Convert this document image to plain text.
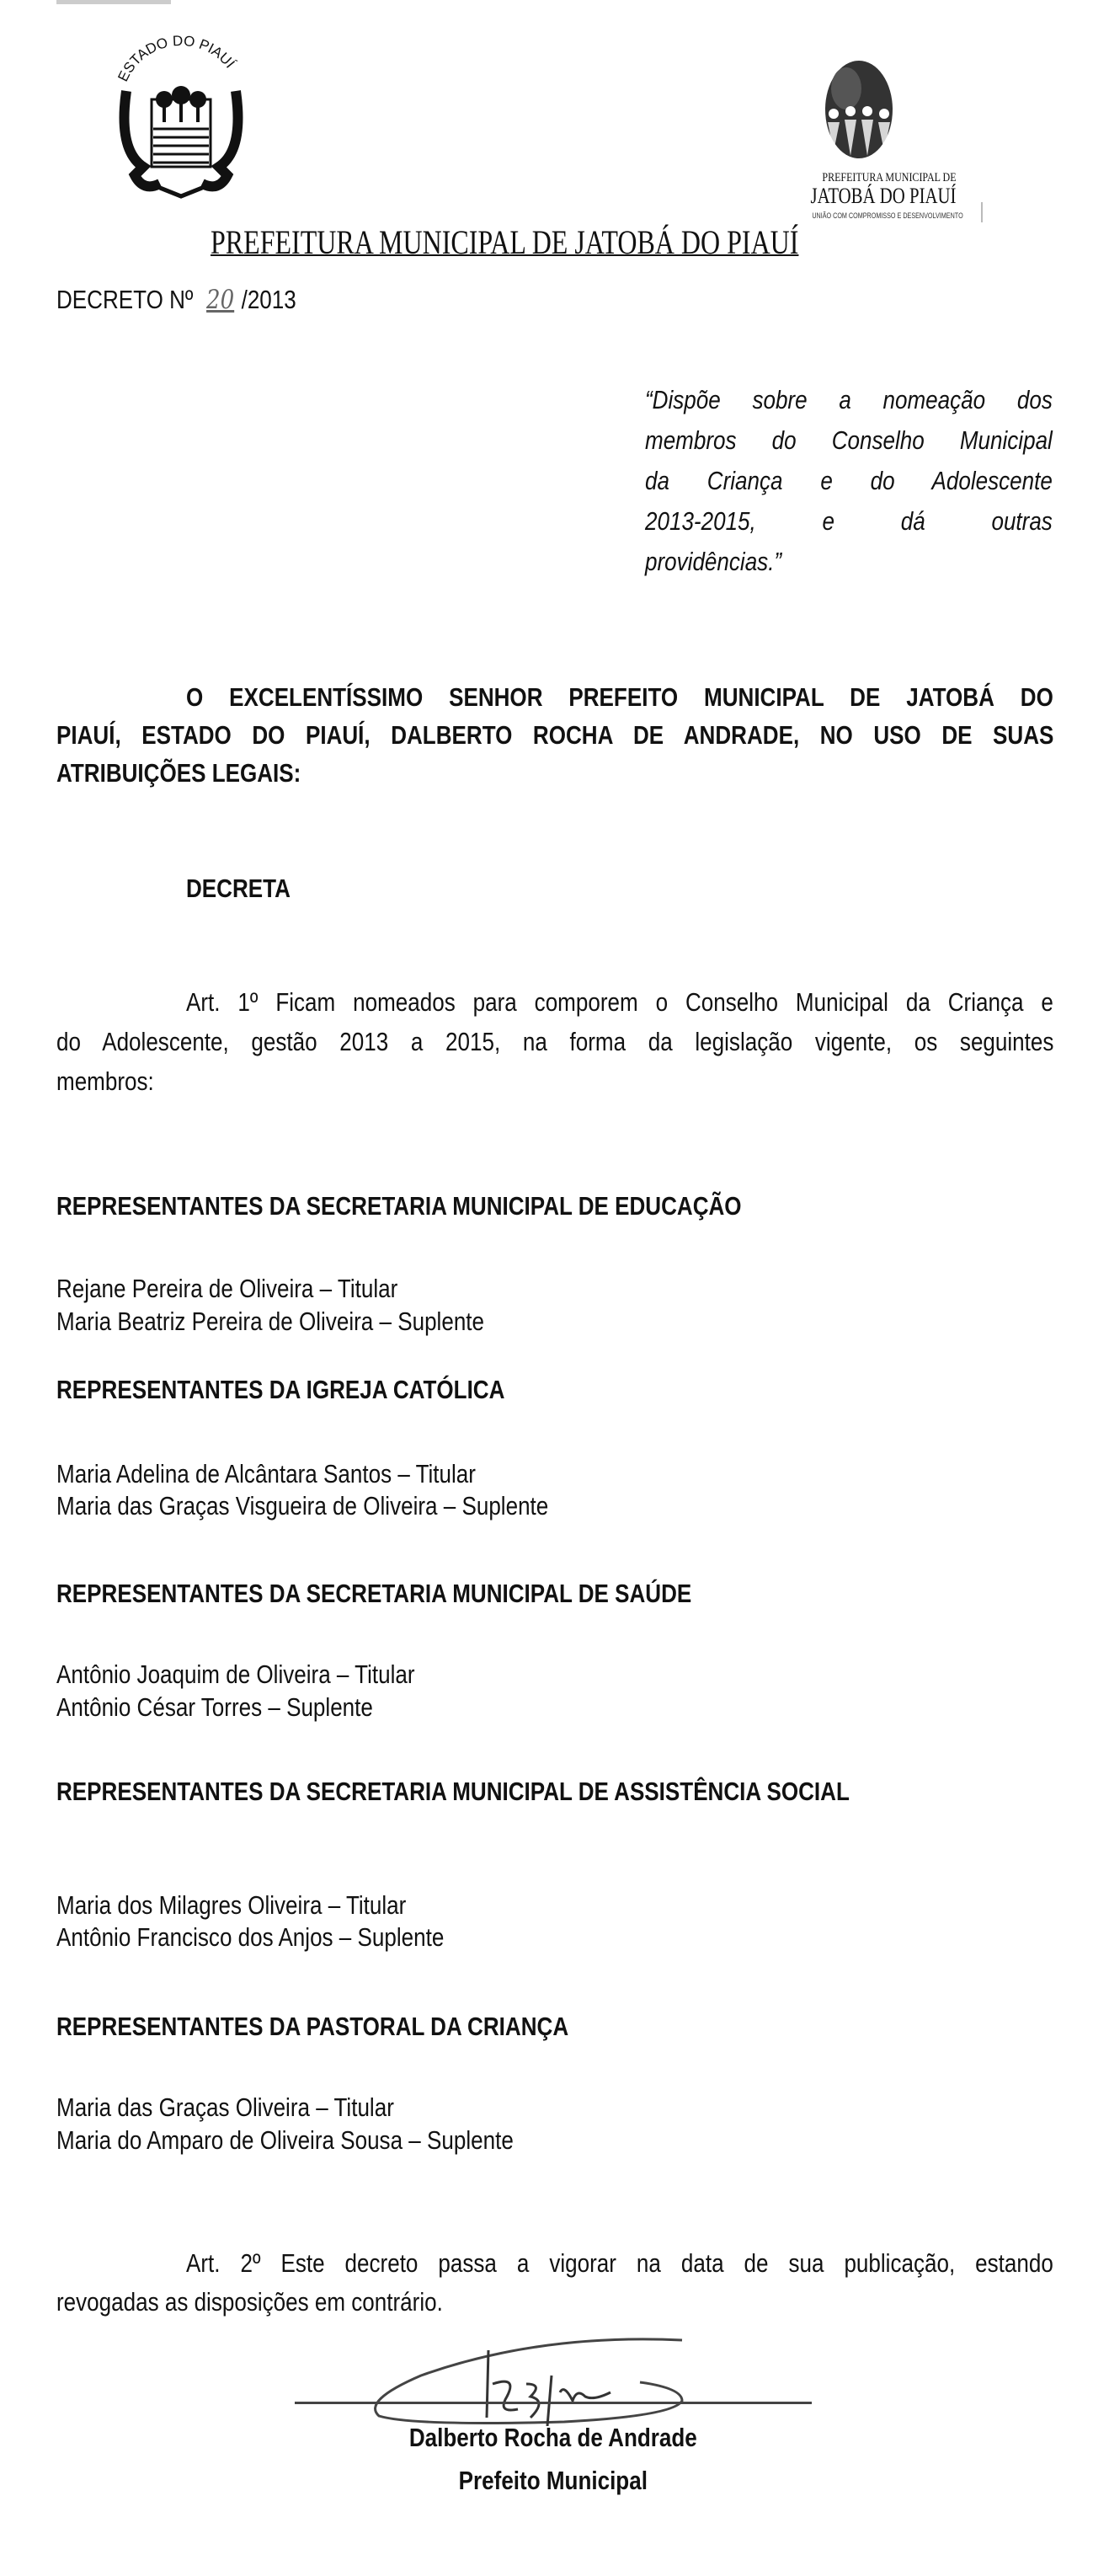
ESTADO DO PIAUÍ
PREFEITURA MUNICIPAL DE
JATOBÁ DO PIAUÍ
UNIÃO COM COMPROMISSO E DESENVOLVIMENTO
PREFEITURA MUNICIPAL DE JATOBÁ DO PIAUÍ
DECRETO Nº 20 /2013
“Dispõe sobre a nomeação dos
membros do Conselho Municipal
da Criança e do Adolescente
2013-2015, e dá outras
providências.”
O EXCELENTÍSSIMO SENHOR PREFEITO MUNICIPAL DE JATOBÁ DO
PIAUÍ, ESTADO DO PIAUÍ, DALBERTO ROCHA DE ANDRADE, NO USO DE SUAS
ATRIBUIÇÕES LEGAIS:
DECRETA
Art. 1º Ficam nomeados para comporem o Conselho Municipal da Criança e
do Adolescente, gestão 2013 a 2015, na forma da legislação vigente, os seguintes
membros:
REPRESENTANTES DA SECRETARIA MUNICIPAL DE EDUCAÇÃO
Rejane Pereira de Oliveira – Titular
Maria Beatriz Pereira de Oliveira – Suplente
REPRESENTANTES DA IGREJA CATÓLICA
Maria Adelina de Alcântara Santos – Titular
Maria das Graças Visgueira de Oliveira – Suplente
REPRESENTANTES DA SECRETARIA MUNICIPAL DE SAÚDE
Antônio Joaquim de Oliveira – Titular
Antônio César Torres – Suplente
REPRESENTANTES DA SECRETARIA MUNICIPAL DE ASSISTÊNCIA SOCIAL
Maria dos Milagres Oliveira – Titular
Antônio Francisco dos Anjos – Suplente
REPRESENTANTES DA PASTORAL DA CRIANÇA
Maria das Graças Oliveira – Titular
Maria do Amparo de Oliveira Sousa – Suplente
Art. 2º Este decreto passa a vigorar na data de sua publicação, estando
revogadas as disposições em contrário.
Dalberto Rocha de Andrade
Prefeito Municipal
